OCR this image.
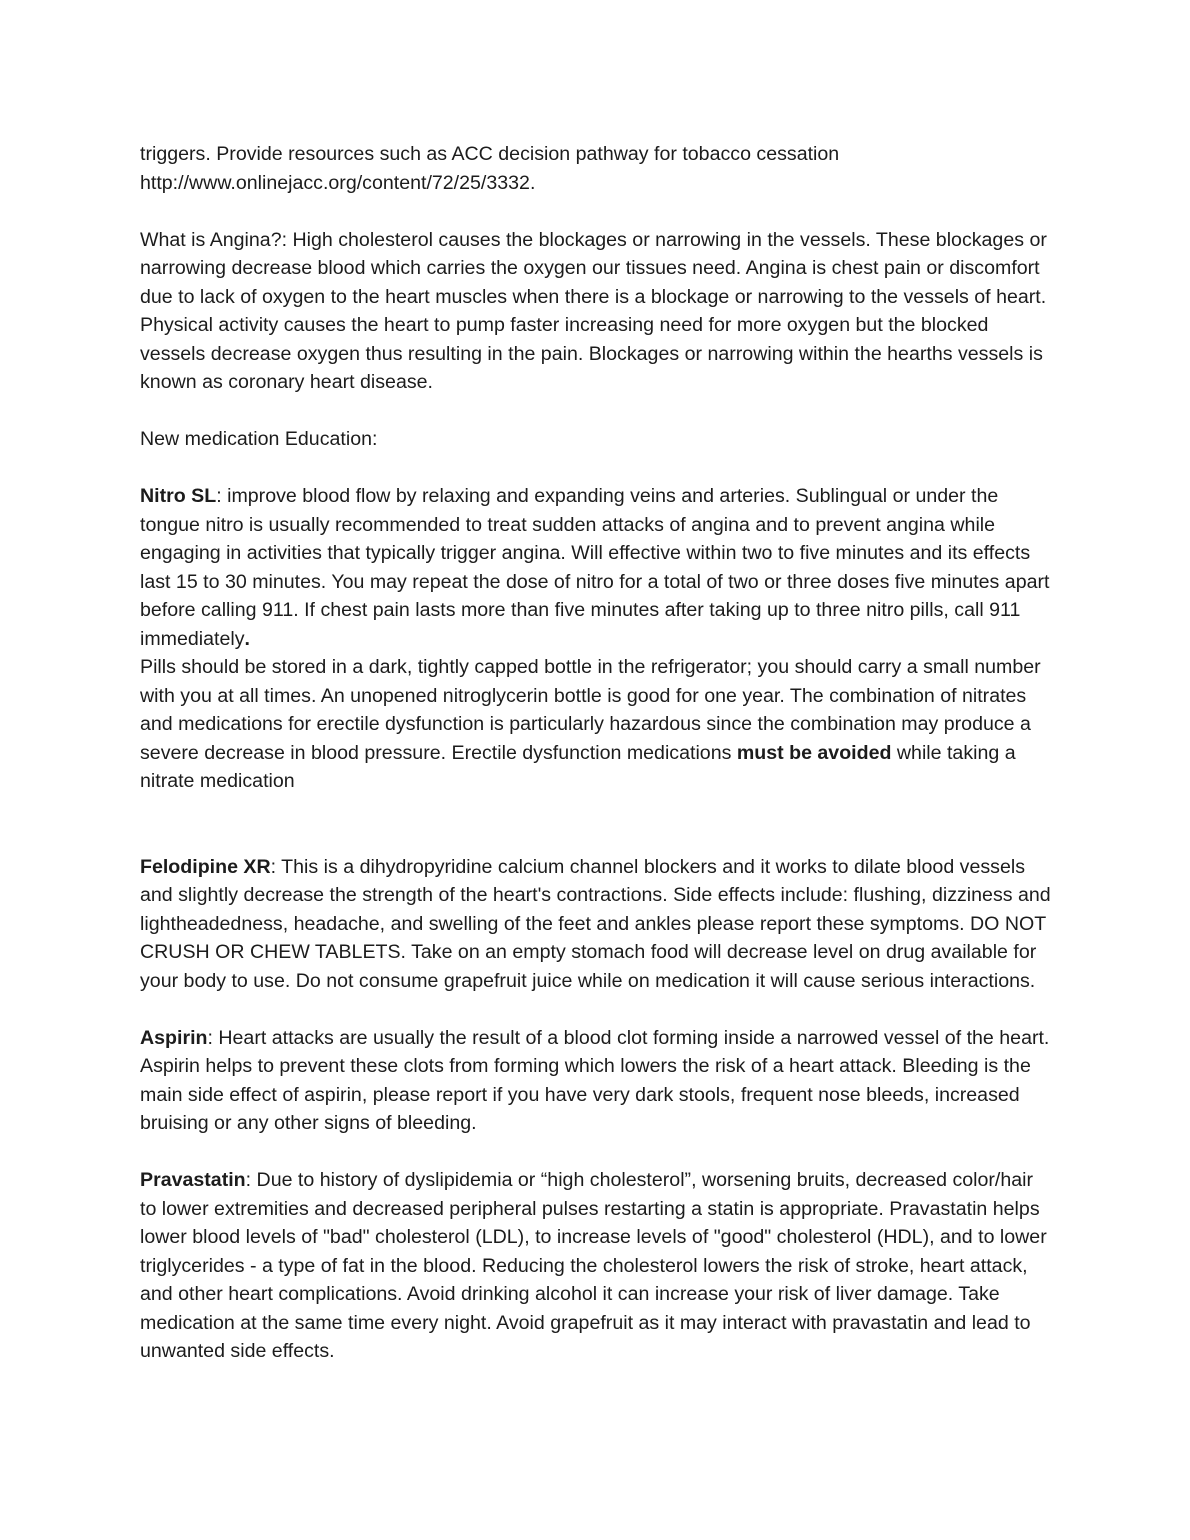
triggers. Provide resources such as ACC decision pathway for tobacco cessation
http://www.onlinejacc.org/content/72/25/3332.

What is Angina?: High cholesterol causes the blockages or narrowing in the vessels. These blockages or narrowing decrease blood which carries the oxygen our tissues need. Angina is chest pain or discomfort due to lack of oxygen to the heart muscles when there is a blockage or narrowing to the vessels of heart. Physical activity causes the heart to pump faster increasing need for more oxygen but the blocked vessels decrease oxygen thus resulting in the pain. Blockages or narrowing within the hearths vessels is known as coronary heart disease.

New medication Education:

Nitro SL: improve blood flow by relaxing and expanding veins and arteries. Sublingual or under the tongue nitro is usually recommended to treat sudden attacks of angina and to prevent angina while engaging in activities that typically trigger angina. Will effective within two to five minutes and its effects last 15 to 30 minutes. You may repeat the dose of nitro for a total of two or three doses five minutes apart before calling 911. If chest pain lasts more than five minutes after taking up to three nitro pills, call 911 immediately.

Pills should be stored in a dark, tightly capped bottle in the refrigerator; you should carry a small number with you at all times. An unopened nitroglycerin bottle is good for one year. The combination of nitrates and medications for erectile dysfunction is particularly hazardous since the combination may produce a severe decrease in blood pressure. Erectile dysfunction medications must be avoided while taking a nitrate medication

Felodipine XR: This is a dihydropyridine calcium channel blockers and it works to dilate blood vessels and slightly decrease the strength of the heart's contractions. Side effects include: flushing, dizziness and lightheadedness, headache, and swelling of the feet and ankles please report these symptoms. DO NOT CRUSH OR CHEW TABLETS. Take on an empty stomach food will decrease level on drug available for your body to use. Do not consume grapefruit juice while on medication it will cause serious interactions.

Aspirin: Heart attacks are usually the result of a blood clot forming inside a narrowed vessel of the heart. Aspirin helps to prevent these clots from forming which lowers the risk of a heart attack. Bleeding is the main side effect of aspirin, please report if you have very dark stools, frequent nose bleeds, increased bruising or any other signs of bleeding.

Pravastatin: Due to history of dyslipidemia or “high cholesterol”, worsening bruits, decreased color/hair to lower extremities and decreased peripheral pulses restarting a statin is appropriate. Pravastatin helps lower blood levels of "bad" cholesterol (LDL), to increase levels of "good" cholesterol (HDL), and to lower triglycerides - a type of fat in the blood. Reducing the cholesterol lowers the risk of stroke, heart attack, and other heart complications. Avoid drinking alcohol it can increase your risk of liver damage. Take medication at the same time every night. Avoid grapefruit as it may interact with pravastatin and lead to unwanted side effects.
